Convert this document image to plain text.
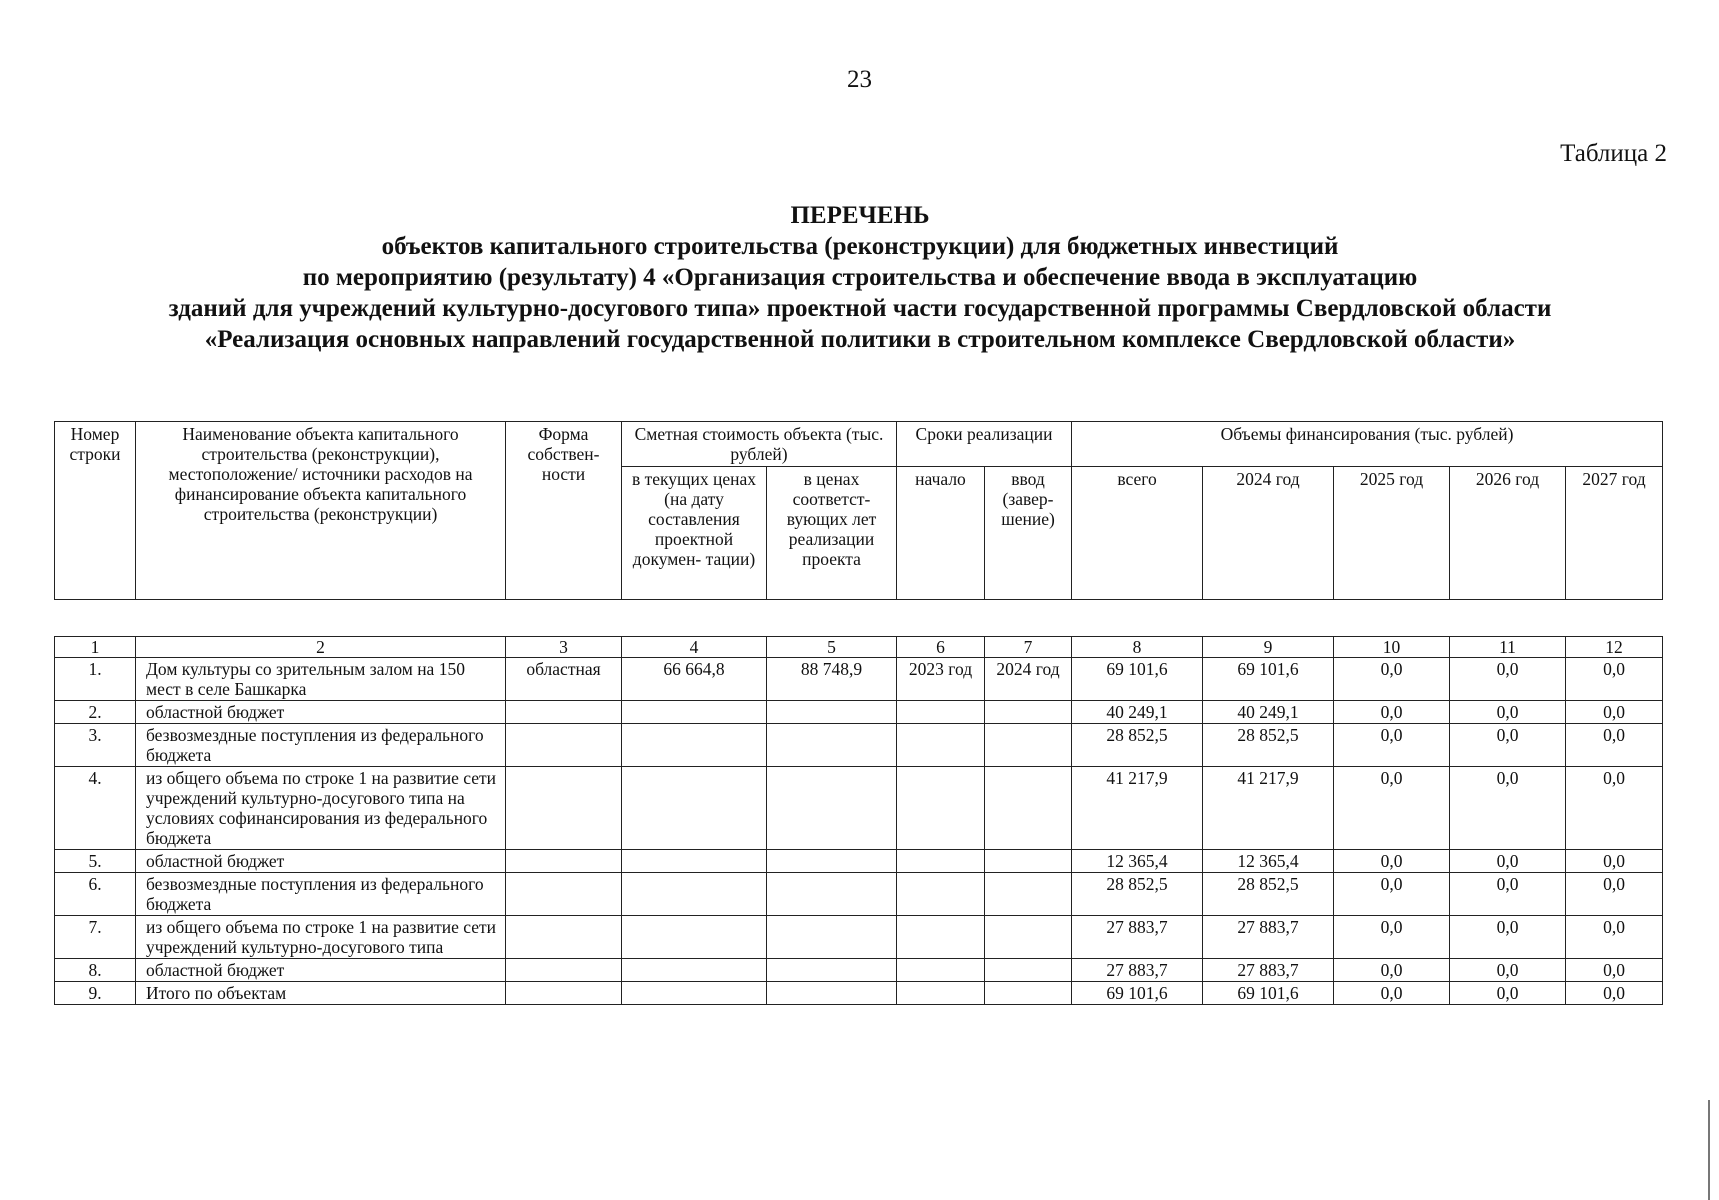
23
Таблица 2
ПЕРЕЧЕНЬ
объектов капитального строительства (реконструкции) для бюджетных инвестиций
по мероприятию (результату) 4 «Организация строительства и обеспечение ввода в эксплуатацию
зданий для учреждений культурно-досугового типа» проектной части государственной программы Свердловской области
«Реализация основных направлений государственной политики в строительном комплексе Свердловской области»
Номер строки	Наименование объекта капитального строительства (реконструкции), местоположение/ источники расходов на финансирование объекта капитального строительства (реконструкции)	Форма собствен- ности	Сметная стоимость объекта (тыс. рублей)		Сроки реализации		Объемы финансирования (тыс. рублей)				
			в текущих ценах (на дату составления проектной докумен- тации)	в ценах соответст- вующих лет реализации проекта	начало	ввод (завер- шение)	всего	2024 год	2025 год	2026 год	2027 год
1	2	3	4	5	6	7	8	9	10	11	12
1.	Дом культуры со зрительным залом на 150 мест в селе Башкарка	областная	66 664,8	88 748,9	2023 год	2024 год	69 101,6	69 101,6	0,0	0,0	0,0
2.	областной бюджет						40 249,1	40 249,1	0,0	0,0	0,0
3.	безвозмездные поступления из федерального бюджета						28 852,5	28 852,5	0,0	0,0	0,0
4.	из общего объема по строке 1 на развитие сети учреждений культурно-досугового типа на условиях софинансирования из федерального бюджета						41 217,9	41 217,9	0,0	0,0	0,0
5.	областной бюджет						12 365,4	12 365,4	0,0	0,0	0,0
6.	безвозмездные поступления из федерального бюджета						28 852,5	28 852,5	0,0	0,0	0,0
7.	из общего объема по строке 1 на развитие сети учреждений культурно-досугового типа						27 883,7	27 883,7	0,0	0,0	0,0
8.	областной бюджет						27 883,7	27 883,7	0,0	0,0	0,0
9.	Итого по объектам						69 101,6	69 101,6	0,0	0,0	0,0
